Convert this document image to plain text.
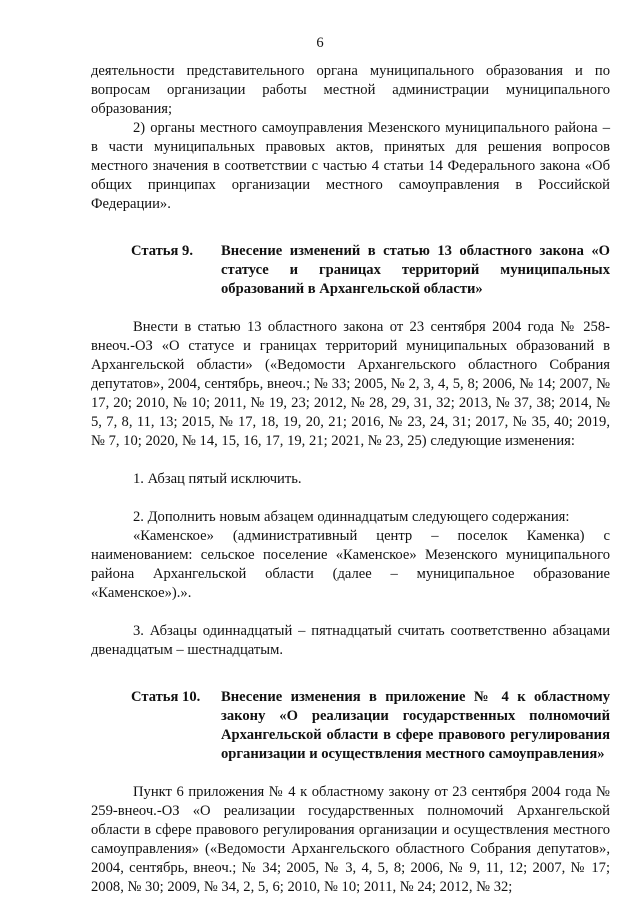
6

деятельности представительного органа муниципального образования и по вопросам организации работы местной администрации муниципального образования;

2) органы местного самоуправления Мезенского муниципального района – в части муниципальных правовых актов, принятых для решения вопросов местного значения в соответствии с частью 4 статьи 14 Федерального закона «Об общих принципах организации местного самоуправления в Российской Федерации».

Статья 9.	Внесение изменений в статью 13 областного закона «О статусе и границах территорий муниципальных образований в Архангельской области»

Внести в статью 13 областного закона от 23 сентября 2004 года № 258-внеоч.-ОЗ «О статусе и границах территорий муниципальных образований в Архангельской области» («Ведомости Архангельского областного Собрания депутатов», 2004, сентябрь, внеоч.; № 33; 2005, № 2, 3, 4, 5, 8; 2006, № 14; 2007, № 17, 20; 2010, № 10; 2011, № 19, 23; 2012, № 28, 29, 31, 32; 2013, № 37, 38; 2014, № 5, 7, 8, 11, 13; 2015, № 17, 18, 19, 20, 21; 2016, № 23, 24, 31; 2017, № 35, 40; 2019, № 7, 10; 2020, № 14, 15, 16, 17, 19, 21; 2021, № 23, 25) следующие изменения:

1. Абзац пятый исключить.

2. Дополнить новым абзацем одиннадцатым следующего содержания:

«Каменское» (административный центр – поселок Каменка) с наименованием: сельское поселение «Каменское» Мезенского муниципального района Архангельской области (далее – муниципальное образование «Каменское»).».

3. Абзацы одиннадцатый – пятнадцатый считать соответственно абзацами двенадцатым – шестнадцатым.

Статья 10.	Внесение изменения в приложение № 4 к областному закону «О реализации государственных полномочий Архангельской области в сфере правового регулирования организации и осуществления местного самоуправления»

Пункт 6 приложения № 4 к областному закону от 23 сентября 2004 года № 259-внеоч.-ОЗ «О реализации государственных полномочий Архангельской области в сфере правового регулирования организации и осуществления местного самоуправления» («Ведомости Архангельского областного Собрания депутатов», 2004, сентябрь, внеоч.; № 34; 2005, № 3, 4, 5, 8; 2006, № 9, 11, 12; 2007, № 17; 2008, № 30; 2009, № 34, 2, 5, 6; 2010, № 10; 2011, № 24; 2012, № 32;
